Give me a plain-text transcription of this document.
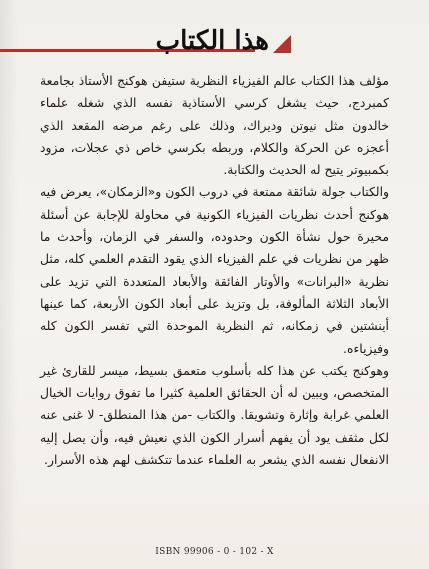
هذا الكتاب

مؤلف هذا الكتاب عالم الفيزياء النظرية ستيفن هوكنج الأستاذ بجامعة كمبردج، حيث يشغل كرسي الأستاذية نفسه الذي شغله علماء خالدون مثل نيوتن وديراك، وذلك على رغم مرضه المقعد الذي أعجزه عن الحركة والكلام، وربطه بكرسي خاص ذي عجلات، مزود بكمبيوتر يتيح له الحديث والكتابة.

والكتاب جولة شائقة ممتعة في دروب الكون و«الزمكان»، يعرض فيه هوكنج أحدث نظريات الفيزياء الكونية في محاولة للإجابة عن أسئلة محيرة حول نشأة الكون وحدوده، والسفر في الزمان، وأحدث ما ظهر من نظريات في علم الفيزياء الذي يقود التقدم العلمي كله، مثل نظرية «البرانات» والأوتار الفائقة والأبعاد المتعددة التي تزيد على الأبعاد الثلاثة المألوفة، بل وتزيد على أبعاد الكون الأربعة، كما عينها أينشتين في زمكانه، ثم النظرية الموحدة التي تفسر الكون كله وفيزياءه.

وهوكنج يكتب عن هذا كله بأسلوب متعمق بسيط، ميسر للقارئ غير المتخصص، ويبين له أن الحقائق العلمية كثيرا ما تفوق روايات الخيال العلمي غرابة وإثارة وتشويقا. والكتاب -من هذا المنطلق- لا غنى عنه لكل مثقف يود أن يفهم أسرار الكون الذي نعيش فيه، وأن يصل إليه الانفعال نفسه الذي يشعر به العلماء عندما تتكشف لهم هذه الأسرار.

ISBN 99906 - 0 - 102 - X
